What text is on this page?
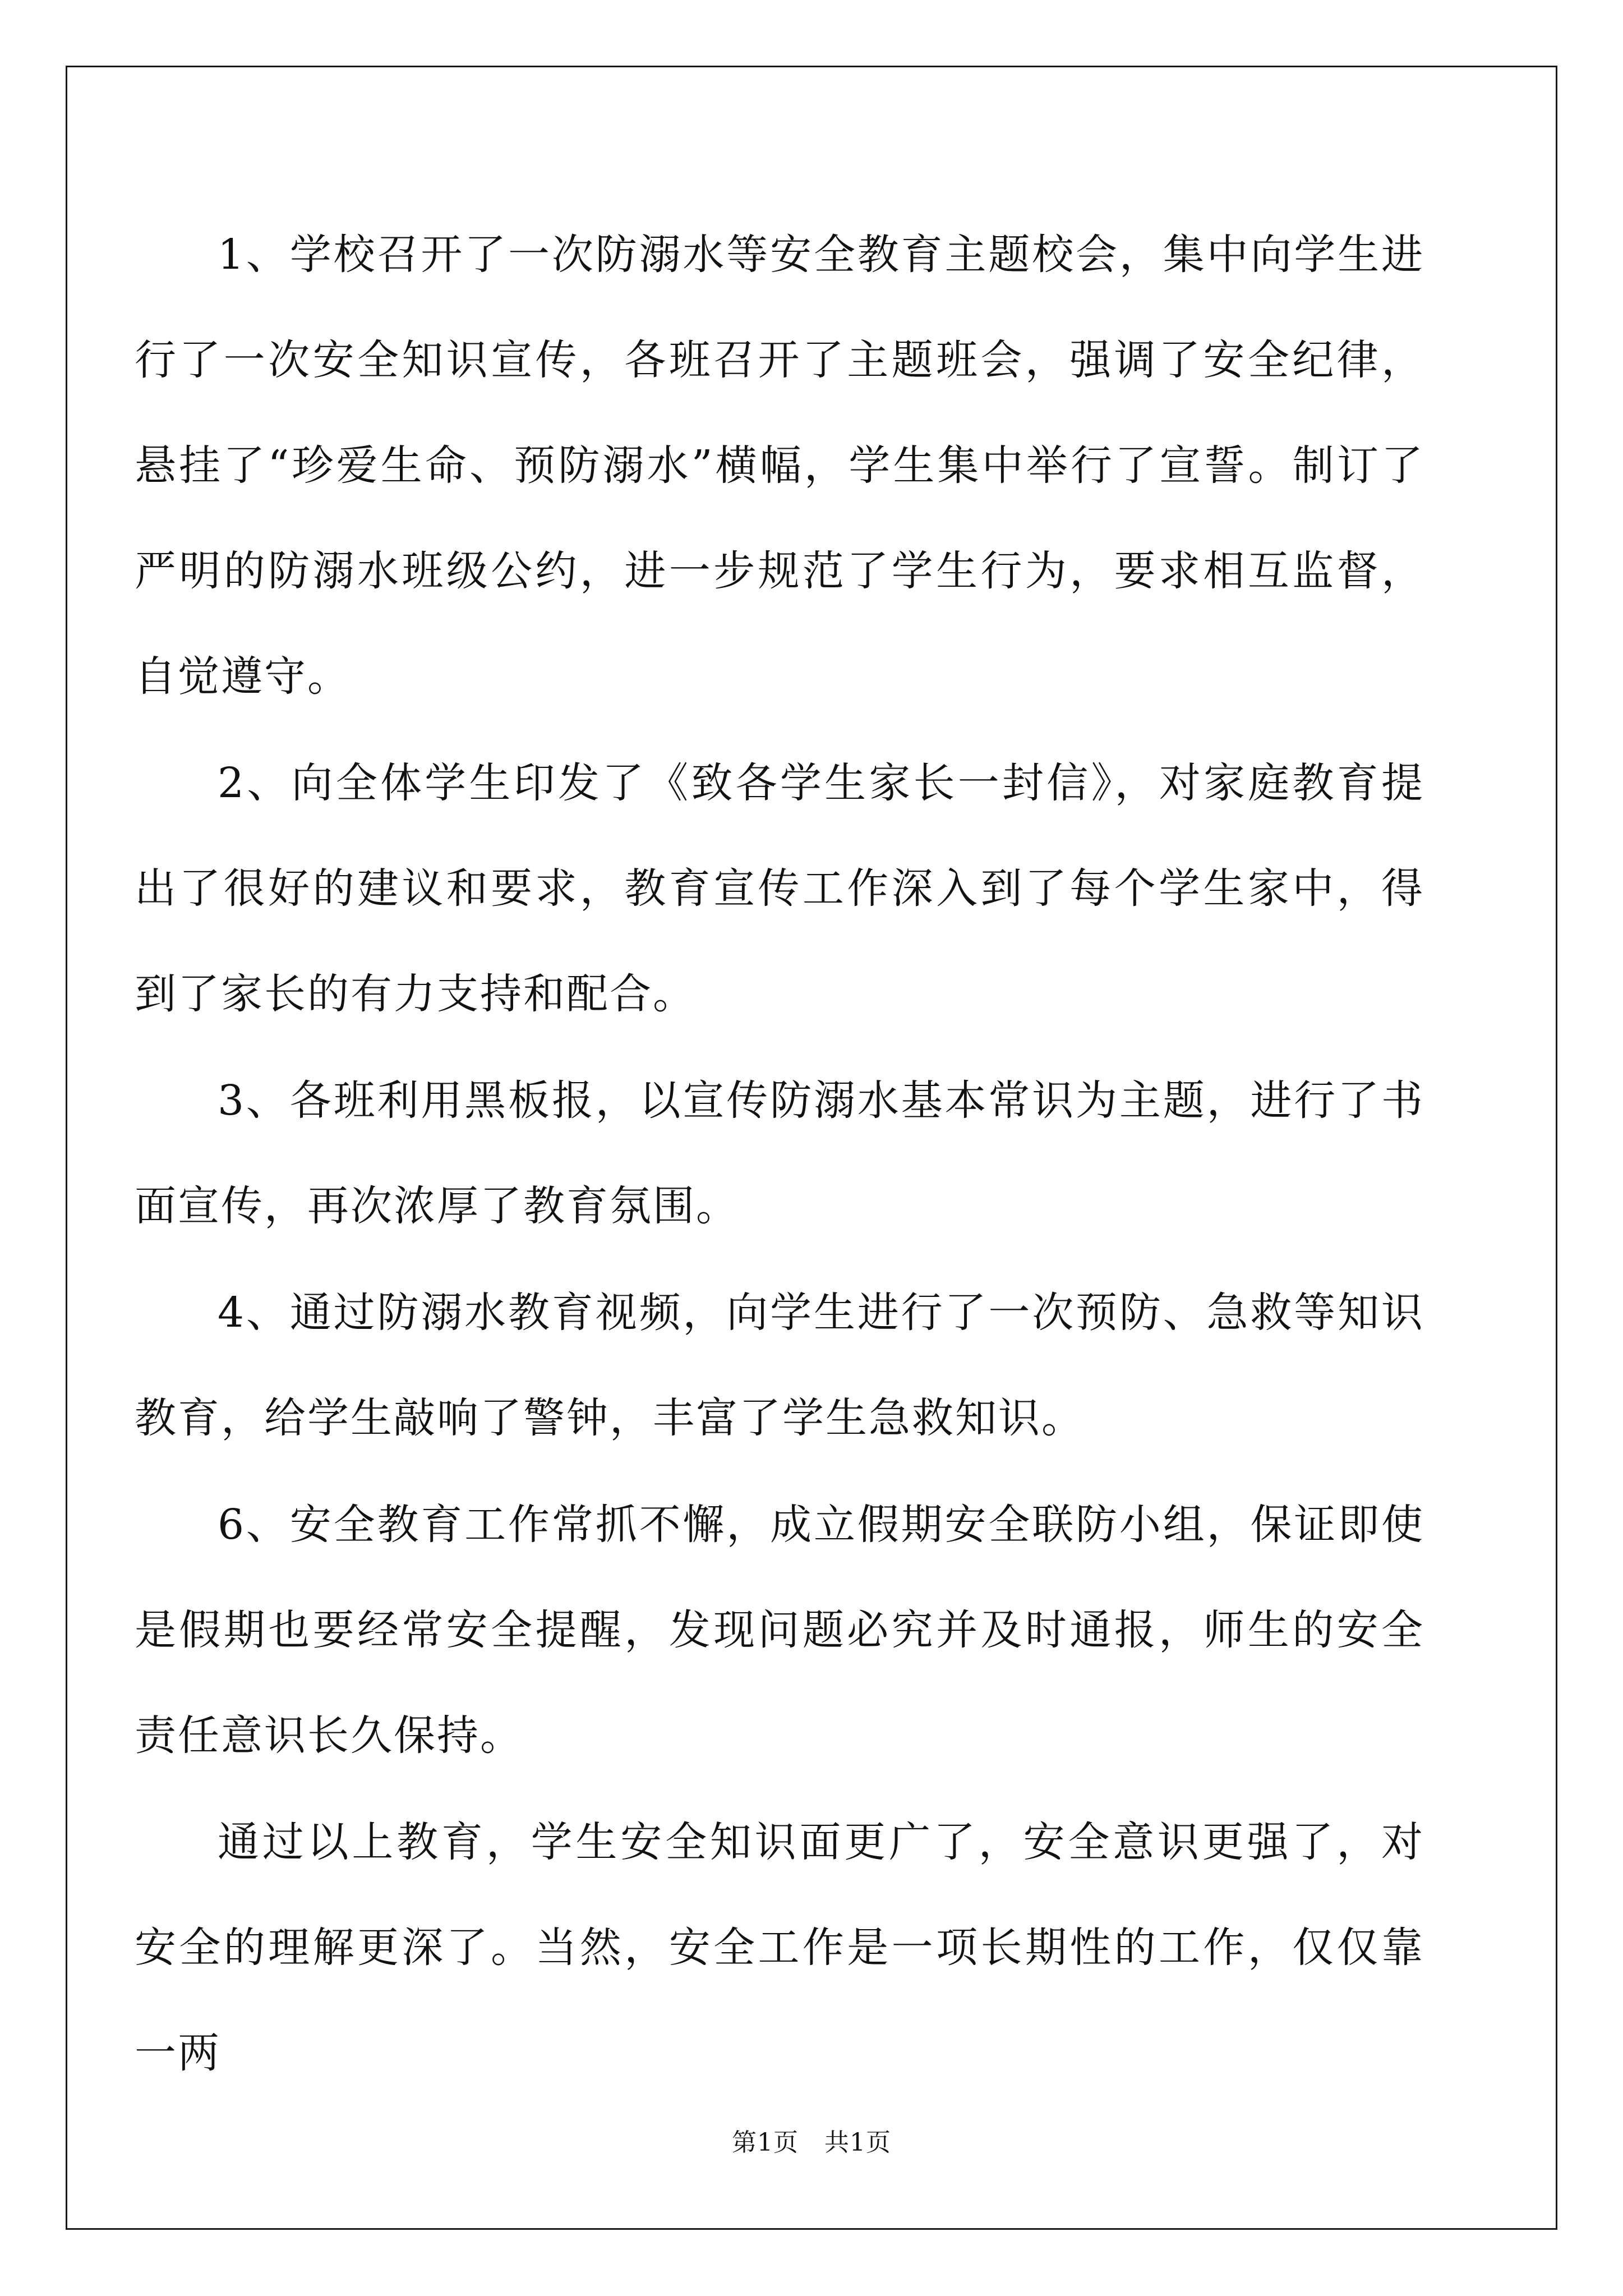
1、学校召开了一次防溺水等安全教育主题校会，集中向学生进行了一次安全知识宣传，各班召开了主题班会，强调了安全纪律，悬挂了“珍爱生命、预防溺水”横幅，学生集中举行了宣誓。制订了严明的防溺水班级公约，进一步规范了学生行为，要求相互监督，自觉遵守。

2、向全体学生印发了《致各学生家长一封信》，对家庭教育提出了很好的建议和要求，教育宣传工作深入到了每个学生家中，得到了家长的有力支持和配合。

3、各班利用黑板报，以宣传防溺水基本常识为主题，进行了书面宣传，再次浓厚了教育氛围。

4、通过防溺水教育视频，向学生进行了一次预防、急救等知识教育，给学生敲响了警钟，丰富了学生急救知识。

6、安全教育工作常抓不懈，成立假期安全联防小组，保证即使是假期也要经常安全提醒，发现问题必究并及时通报，师生的安全责任意识长久保持。

通过以上教育，学生安全知识面更广了，安全意识更强了，对安全的理解更深了。当然，安全工作是一项长期性的工作，仅仅靠一两

第1页 共1页
